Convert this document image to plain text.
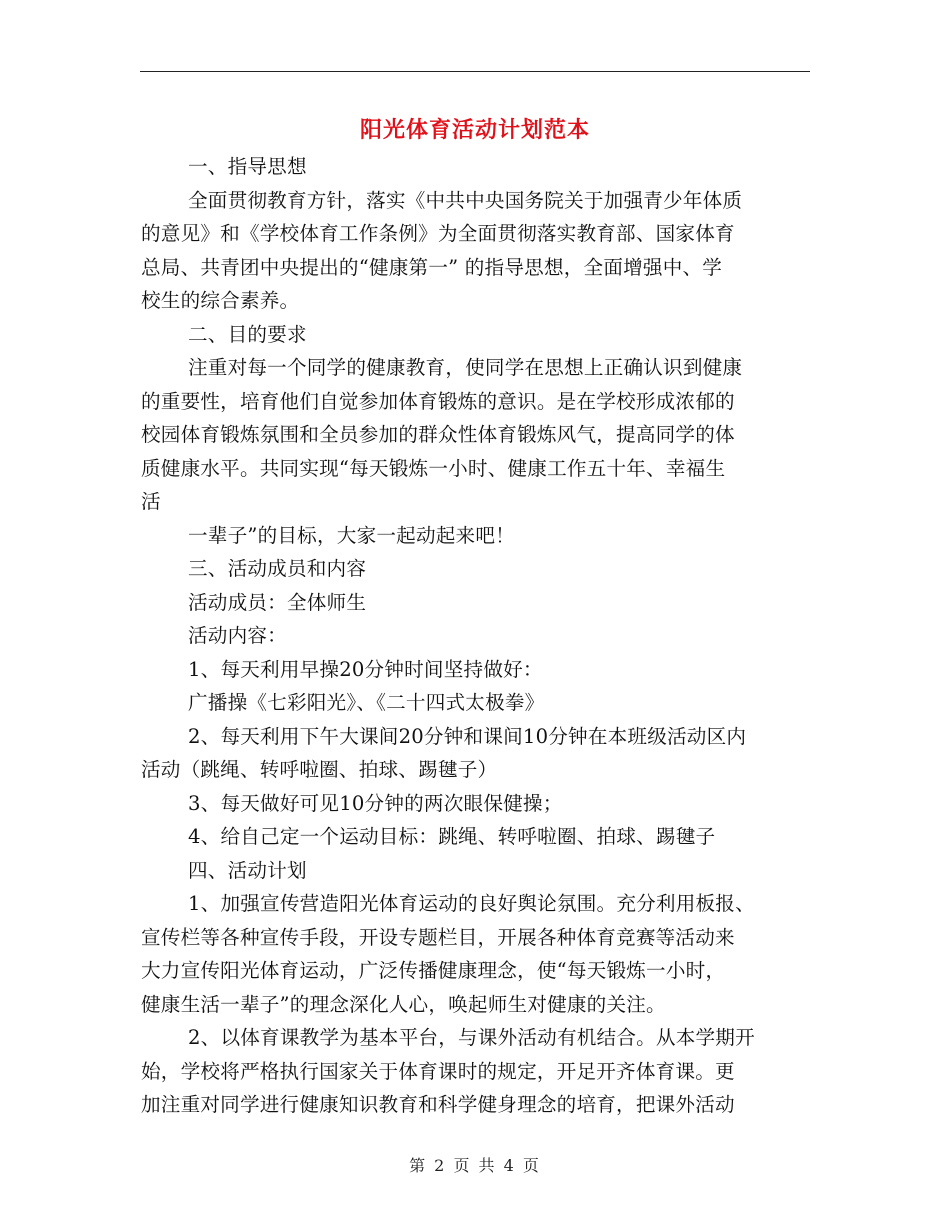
阳光体育活动计划范本

一、指导思想

全面贯彻教育方针，落实《中共中央国务院关于加强青少年体质

的意见》和《学校体育工作条例》为全面贯彻落实教育部、国家体育

总局、共青团中央提出的“健康第一” 的指导思想，全面增强中、学

校生的综合素养。

二、目的要求

注重对每一个同学的健康教育，使同学在思想上正确认识到健康

的重要性，培育他们自觉参加体育锻炼的意识。是在学校形成浓郁的

校园体育锻炼氛围和全员参加的群众性体育锻炼风气，提高同学的体

质健康水平。共同实现“每天锻炼一小时、健康工作五十年、幸福生

活

一辈子”的目标，大家一起动起来吧！

三、活动成员和内容

活动成员：全体师生

活动内容：

1、每天利用早操20分钟时间坚持做好：

广播操《七彩阳光》、《二十四式太极拳》

2、每天利用下午大课间20分钟和课间10分钟在本班级活动区内

活动（跳绳、转呼啦圈、拍球、踢毽子）

3、每天做好可见10分钟的两次眼保健操；

4、给自己定一个运动目标：跳绳、转呼啦圈、拍球、踢毽子

四、活动计划

1、加强宣传营造阳光体育运动的良好舆论氛围。充分利用板报、

宣传栏等各种宣传手段，开设专题栏目，开展各种体育竞赛等活动来

大力宣传阳光体育运动，广泛传播健康理念，使“每天锻炼一小时，

健康生活一辈子”的理念深化人心，唤起师生对健康的关注。

2、以体育课教学为基本平台，与课外活动有机结合。从本学期开

始，学校将严格执行国家关于体育课时的规定，开足开齐体育课。更

加注重对同学进行健康知识教育和科学健身理念的培育，把课外活动

第 2 页 共 4 页
